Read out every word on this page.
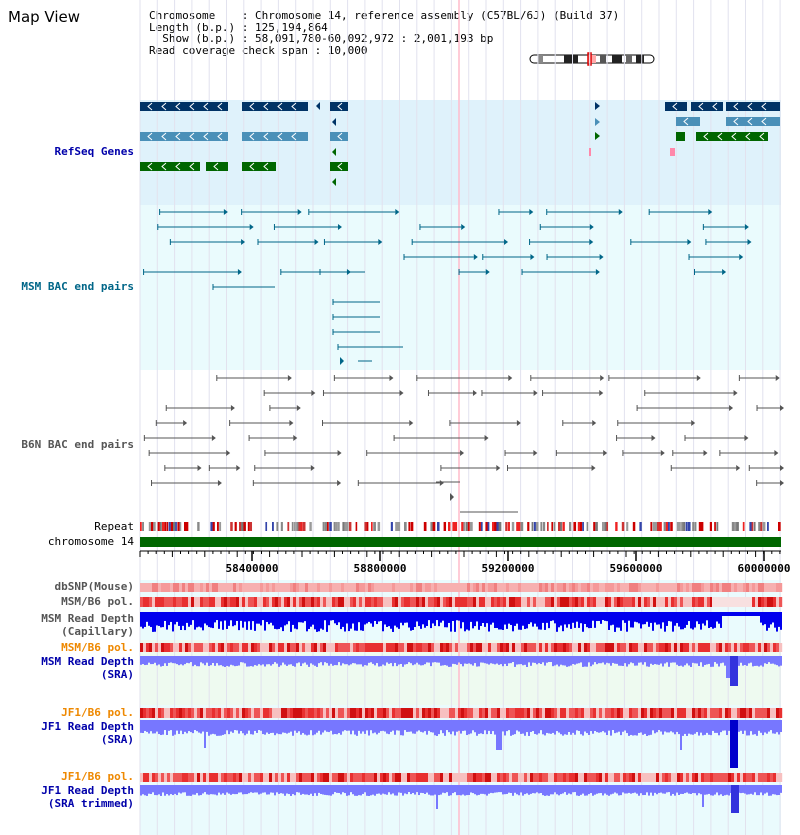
Map View	Chromosome    : Chromosome 14, reference assembly (C57BL/6J) (Build 37)
Length (b.p.) : 125,194,864
Show (b.p.) : 58,091,780-60,092,972 : 2,001,193 bp
Read coverage check span : 10,000
58400000	58800000	59200000	59600000	60000000
RefSeq Genes
MSM BAC end pairs
B6N BAC end pairs
Repeat
chromosome 14
dbSNP(Mouse)
MSM/B6 pol.
MSM Read Depth
(Capillary)
MSM/B6 pol.
MSM Read Depth
(SRA)
JF1/B6 pol.
JF1 Read Depth
(SRA)
JF1/B6 pol.
JF1 Read Depth
(SRA trimmed)
